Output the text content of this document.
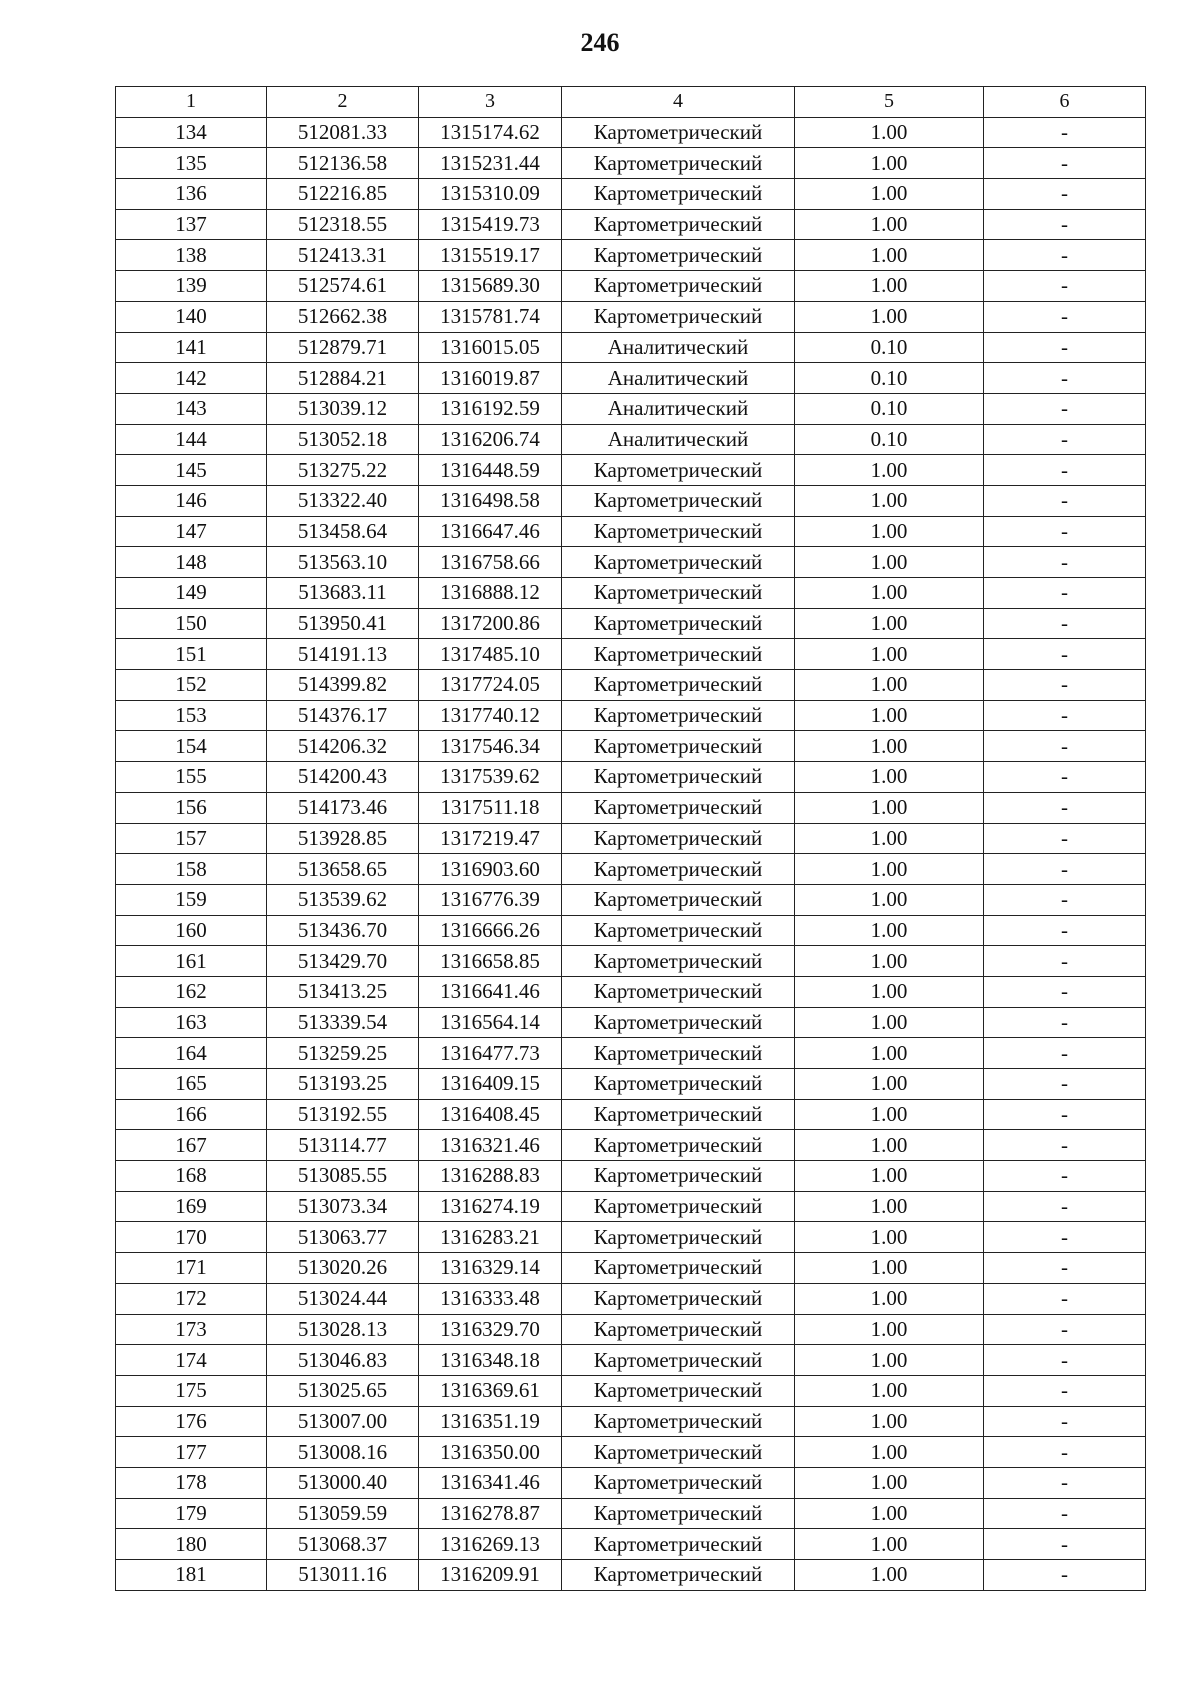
246
1	2	3	4	5	6
134	512081.33	1315174.62	Картометрический	1.00	-
135	512136.58	1315231.44	Картометрический	1.00	-
136	512216.85	1315310.09	Картометрический	1.00	-
137	512318.55	1315419.73	Картометрический	1.00	-
138	512413.31	1315519.17	Картометрический	1.00	-
139	512574.61	1315689.30	Картометрический	1.00	-
140	512662.38	1315781.74	Картометрический	1.00	-
141	512879.71	1316015.05	Аналитический	0.10	-
142	512884.21	1316019.87	Аналитический	0.10	-
143	513039.12	1316192.59	Аналитический	0.10	-
144	513052.18	1316206.74	Аналитический	0.10	-
145	513275.22	1316448.59	Картометрический	1.00	-
146	513322.40	1316498.58	Картометрический	1.00	-
147	513458.64	1316647.46	Картометрический	1.00	-
148	513563.10	1316758.66	Картометрический	1.00	-
149	513683.11	1316888.12	Картометрический	1.00	-
150	513950.41	1317200.86	Картометрический	1.00	-
151	514191.13	1317485.10	Картометрический	1.00	-
152	514399.82	1317724.05	Картометрический	1.00	-
153	514376.17	1317740.12	Картометрический	1.00	-
154	514206.32	1317546.34	Картометрический	1.00	-
155	514200.43	1317539.62	Картометрический	1.00	-
156	514173.46	1317511.18	Картометрический	1.00	-
157	513928.85	1317219.47	Картометрический	1.00	-
158	513658.65	1316903.60	Картометрический	1.00	-
159	513539.62	1316776.39	Картометрический	1.00	-
160	513436.70	1316666.26	Картометрический	1.00	-
161	513429.70	1316658.85	Картометрический	1.00	-
162	513413.25	1316641.46	Картометрический	1.00	-
163	513339.54	1316564.14	Картометрический	1.00	-
164	513259.25	1316477.73	Картометрический	1.00	-
165	513193.25	1316409.15	Картометрический	1.00	-
166	513192.55	1316408.45	Картометрический	1.00	-
167	513114.77	1316321.46	Картометрический	1.00	-
168	513085.55	1316288.83	Картометрический	1.00	-
169	513073.34	1316274.19	Картометрический	1.00	-
170	513063.77	1316283.21	Картометрический	1.00	-
171	513020.26	1316329.14	Картометрический	1.00	-
172	513024.44	1316333.48	Картометрический	1.00	-
173	513028.13	1316329.70	Картометрический	1.00	-
174	513046.83	1316348.18	Картометрический	1.00	-
175	513025.65	1316369.61	Картометрический	1.00	-
176	513007.00	1316351.19	Картометрический	1.00	-
177	513008.16	1316350.00	Картометрический	1.00	-
178	513000.40	1316341.46	Картометрический	1.00	-
179	513059.59	1316278.87	Картометрический	1.00	-
180	513068.37	1316269.13	Картометрический	1.00	-
181	513011.16	1316209.91	Картометрический	1.00	-
